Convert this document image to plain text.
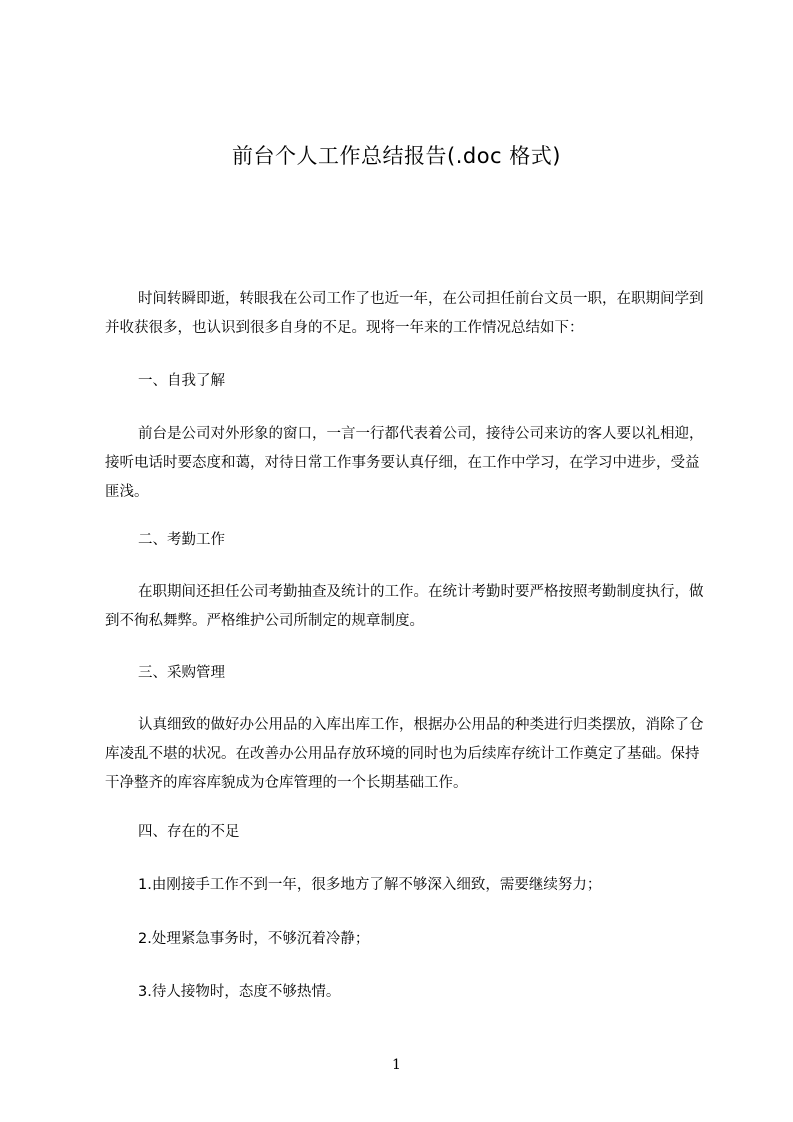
前台个人工作总结报告(.doc 格式)
时间转瞬即逝，转眼我在公司工作了也近一年，在公司担任前台文员一职，在职期间学到并收获很多，也认识到很多自身的不足。现将一年来的工作情况总结如下：
一、自我了解
前台是公司对外形象的窗口，一言一行都代表着公司，接待公司来访的客人要以礼相迎，接听电话时要态度和蔼，对待日常工作事务要认真仔细，在工作中学习，在学习中进步，受益匪浅。
二、考勤工作
在职期间还担任公司考勤抽查及统计的工作。在统计考勤时要严格按照考勤制度执行，做到不徇私舞弊。严格维护公司所制定的规章制度。
三、采购管理
认真细致的做好办公用品的入库出库工作，根据办公用品的种类进行归类摆放，消除了仓库凌乱不堪的状况。在改善办公用品存放环境的同时也为后续库存统计工作奠定了基础。保持干净整齐的库容库貌成为仓库管理的一个长期基础工作。
四、存在的不足
1.由刚接手工作不到一年，很多地方了解不够深入细致，需要继续努力；
2.处理紧急事务时，不够沉着冷静；
3.待人接物时，态度不够热情。
1
